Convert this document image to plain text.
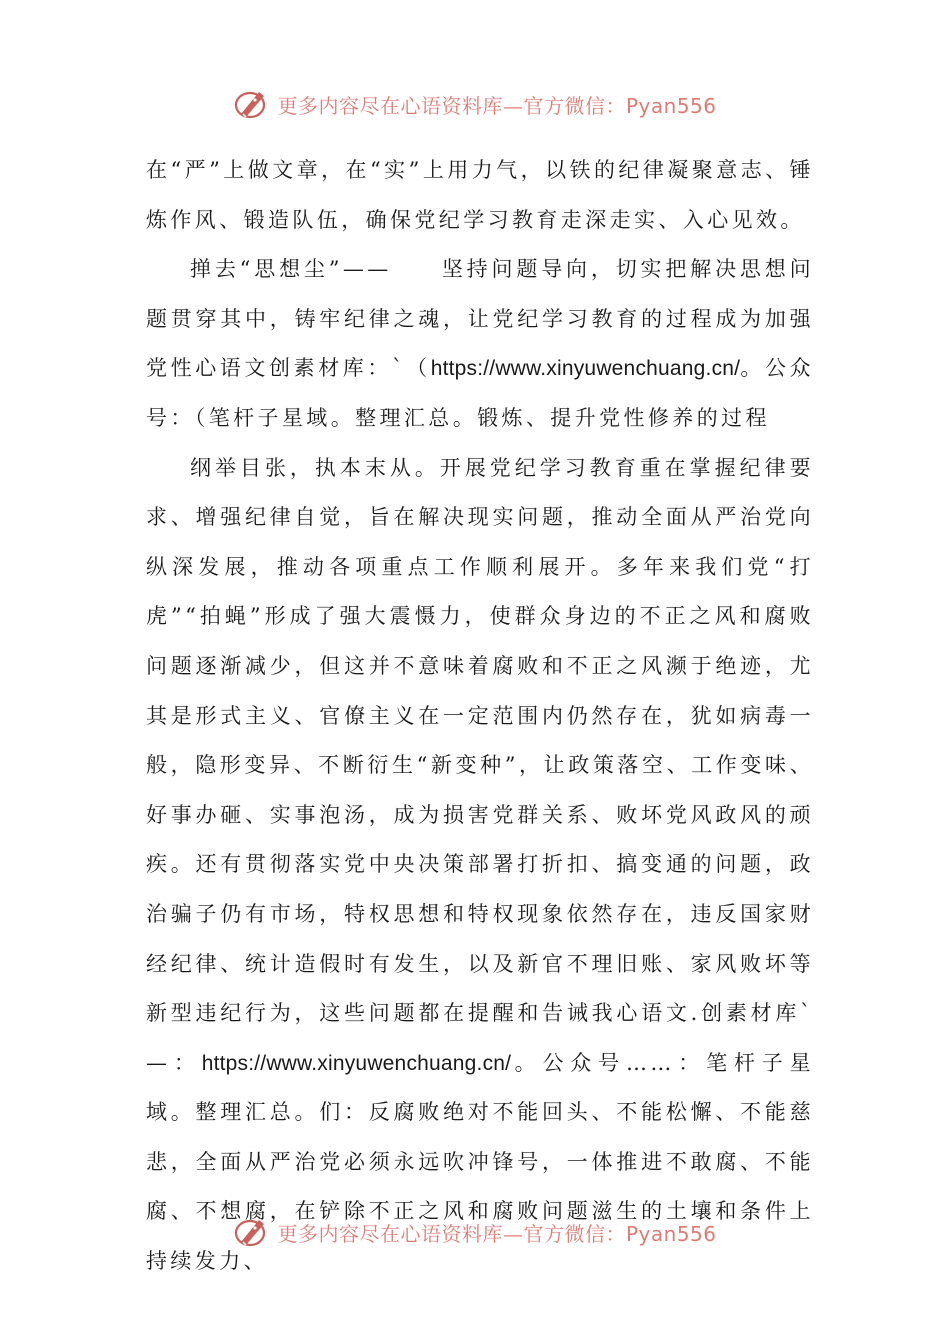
更多内容尽在心语资料库—官方微信：Pyan556

在“严”上做文章，在“实”上用力气，以铁的纪律凝聚意志、锤炼作风、锻造队伍，确保党纪学习教育走深走实、入心见效。

掸去“思想尘”——　　坚持问题导向，切实把解决思想问题贯穿其中，铸牢纪律之魂，让党纪学习教育的过程成为加强党性心语文创素材库：`（https://www.xinyuwenchuang.cn/。公众号：（笔杆子星域。整理汇总。锻炼、提升党性修养的过程

纲举目张，执本末从。开展党纪学习教育重在掌握纪律要求、增强纪律自觉，旨在解决现实问题，推动全面从严治党向纵深发展，推动各项重点工作顺利展开。多年来我们党“打虎”“拍蝇”形成了强大震慑力，使群众身边的不正之风和腐败问题逐渐减少，但这并不意味着腐败和不正之风濒于绝迹，尤其是形式主义、官僚主义在一定范围内仍然存在，犹如病毒一般，隐形变异、不断衍生“新变种”，让政策落空、工作变味、好事办砸、实事泡汤，成为损害党群关系、败坏党风政风的顽疾。还有贯彻落实党中央决策部署打折扣、搞变通的问题，政治骗子仍有市场，特权思想和特权现象依然存在，违反国家财经纪律、统计造假时有发生，以及新官不理旧账、家风败坏等新型违纪行为，这些问题都在提醒和告诫我心语文.创素材库`—：https://www.xinyuwenchuang.cn/。公众号……：笔杆子星域。整理汇总。们：反腐败绝对不能回头、不能松懈、不能慈悲，全面从严治党必须永远吹冲锋号，一体推进不敢腐、不能腐、不想腐，在铲除不正之风和腐败问题滋生的土壤和条件上持续发力、

更多内容尽在心语资料库—官方微信：Pyan556
